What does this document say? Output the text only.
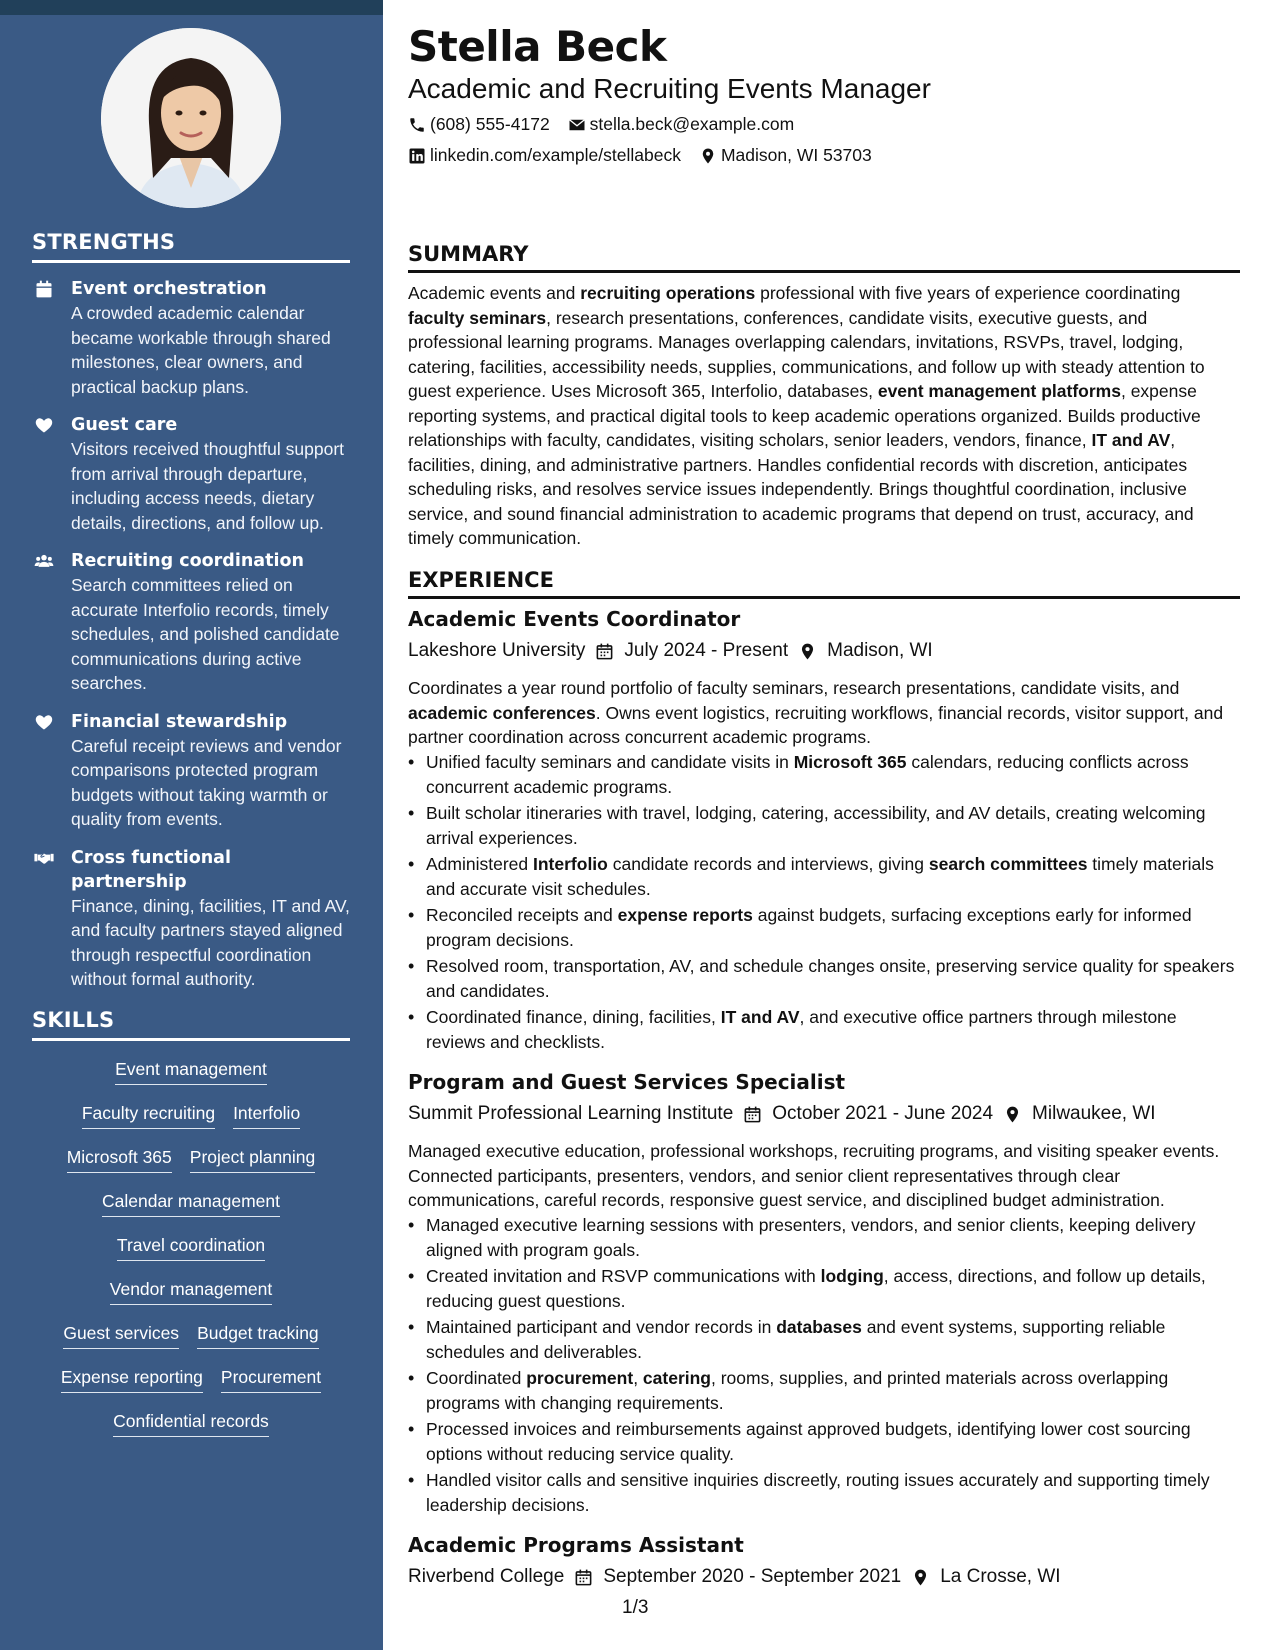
STRENGTHS
Event orchestration
A crowded academic calendar became workable through shared milestones, clear owners, and practical backup plans.
Guest care
Visitors received thoughtful support from arrival through departure, including access needs, dietary details, directions, and follow up.
Recruiting coordination
Search committees relied on accurate Interfolio records, timely schedules, and polished candidate communications during active searches.
Financial stewardship
Careful receipt reviews and vendor comparisons protected program budgets without taking warmth or quality from events.
Cross functional partnership
Finance, dining, facilities, IT and AV, and faculty partners stayed aligned through respectful coordination without formal authority.
SKILLS
Event management
Faculty recruiting Interfolio
Microsoft 365 Project planning
Calendar management
Travel coordination
Vendor management
Guest services Budget tracking
Expense reporting Procurement
Confidential records
Stella Beck
Academic and Recruiting Events Manager
(608) 555-4172 stella.beck@example.com
linkedin.com/example/stellabeck Madison, WI 53703
SUMMARY

Academic events and recruiting operations professional with five years of experience coordinating faculty seminars, research presentations, conferences, candidate visits, executive guests, and professional learning programs. Manages overlapping calendars, invitations, RSVPs, travel, lodging, catering, facilities, accessibility needs, supplies, communications, and follow up with steady attention to guest experience. Uses Microsoft 365, Interfolio, databases, event management platforms, expense reporting systems, and practical digital tools to keep academic operations organized. Builds productive relationships with faculty, candidates, visiting scholars, senior leaders, vendors, finance, IT and AV, facilities, dining, and administrative partners. Handles confidential records with discretion, anticipates scheduling risks, and resolves service issues independently. Brings thoughtful coordination, inclusive service, and sound financial administration to academic programs that depend on trust, accuracy, and timely communication.

EXPERIENCE
Academic Events Coordinator
Lakeshore University July 2024 - Present Madison, WI

Coordinates a year round portfolio of faculty seminars, research presentations, candidate visits, and academic conferences. Owns event logistics, recruiting workflows, financial records, visitor support, and partner coordination across concurrent academic programs.

• Unified faculty seminars and candidate visits in Microsoft 365 calendars, reducing conflicts across concurrent academic programs.
• Built scholar itineraries with travel, lodging, catering, accessibility, and AV details, creating welcoming arrival experiences.
• Administered Interfolio candidate records and interviews, giving search committees timely materials and accurate visit schedules.
• Reconciled receipts and expense reports against budgets, surfacing exceptions early for informed program decisions.
• Resolved room, transportation, AV, and schedule changes onsite, preserving service quality for speakers and candidates.
• Coordinated finance, dining, facilities, IT and AV, and executive office partners through milestone reviews and checklists.
Program and Guest Services Specialist
Summit Professional Learning Institute October 2021 - June 2024 Milwaukee, WI

Managed executive education, professional workshops, recruiting programs, and visiting speaker events. Connected participants, presenters, vendors, and senior client representatives through clear communications, careful records, responsive guest service, and disciplined budget administration.

• Managed executive learning sessions with presenters, vendors, and senior clients, keeping delivery aligned with program goals.
• Created invitation and RSVP communications with lodging, access, directions, and follow up details, reducing guest questions.
• Maintained participant and vendor records in databases and event systems, supporting reliable schedules and deliverables.
• Coordinated procurement, catering, rooms, supplies, and printed materials across overlapping programs with changing requirements.
• Processed invoices and reimbursements against approved budgets, identifying lower cost sourcing options without reducing service quality.
• Handled visitor calls and sensitive inquiries discreetly, routing issues accurately and supporting timely leadership decisions.
Academic Programs Assistant
Riverbend College September 2020 - September 2021 La Crosse, WI
1/3
